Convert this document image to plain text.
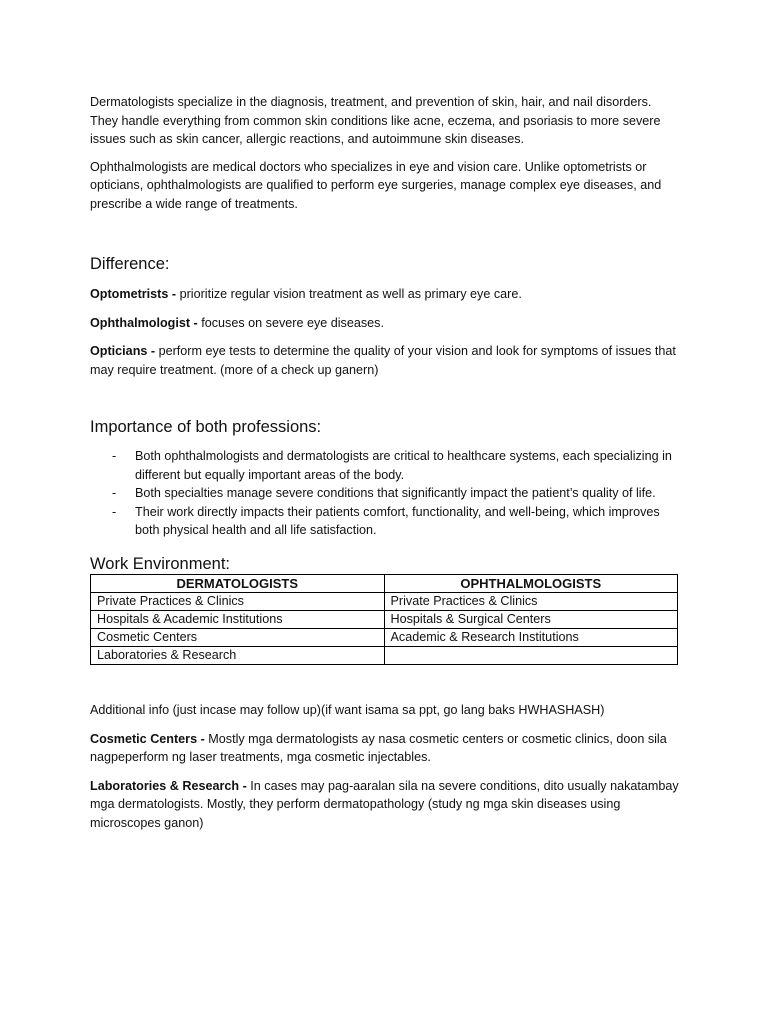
Dermatologists specialize in the diagnosis, treatment, and prevention of skin, hair, and nail disorders. They handle everything from common skin conditions like acne, eczema, and psoriasis to more severe issues such as skin cancer, allergic reactions, and autoimmune skin diseases.

Ophthalmologists are medical doctors who specializes in eye and vision care. Unlike optometrists or opticians, ophthalmologists are qualified to perform eye surgeries, manage complex eye diseases, and prescribe a wide range of treatments.

Difference:

Optometrists - prioritize regular vision treatment as well as primary eye care.

Ophthalmologist - focuses on severe eye diseases.

Opticians - perform eye tests to determine the quality of your vision and look for symptoms of issues that may require treatment. (more of a check up ganern)

Importance of both professions:
- Both ophthalmologists and dermatologists are critical to healthcare systems, each specializing in different but equally important areas of the body.
- Both specialties manage severe conditions that significantly impact the patient’s quality of life.
- Their work directly impacts their patients comfort, functionality, and well-being, which improves both physical health and all life satisfaction.
Work Environment:
DERMATOLOGISTS	OPHTHALMOLOGISTS
Private Practices & Clinics	Private Practices & Clinics
Hospitals & Academic Institutions	Hospitals & Surgical Centers
Cosmetic Centers	Academic & Research Institutions
Laboratories & Research	

Additional info (just incase may follow up)(if want isama sa ppt, go lang baks HWHASHASH)

Cosmetic Centers - Mostly mga dermatologists ay nasa cosmetic centers or cosmetic clinics, doon sila nagpeperform ng laser treatments, mga cosmetic injectables.

Laboratories & Research - In cases may pag-aaralan sila na severe conditions, dito usually nakatambay mga dermatologists. Mostly, they perform dermatopathology (study ng mga skin diseases using microscopes ganon)
